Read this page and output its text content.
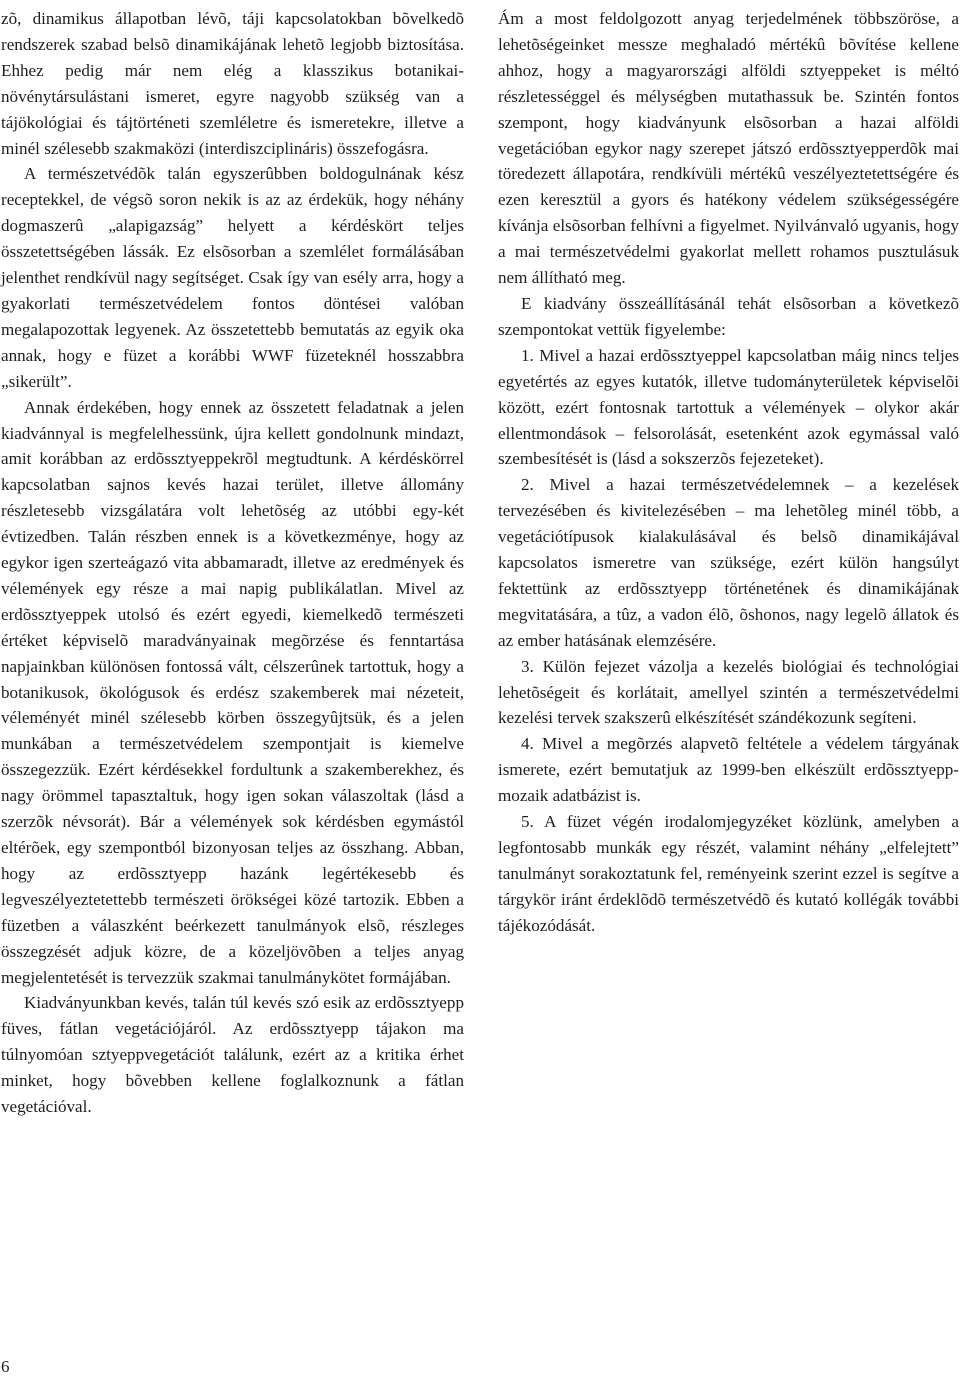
zõ, dinamikus állapotban lévõ, táji kapcsolatokban bõvelkedõ rendszerek szabad belsõ dinamikájának lehetõ legjobb biztosítása. Ehhez pedig már nem elég a klasszikus botanikai-növénytársulástani ismeret, egyre nagyobb szükség van a tájökológiai és tájtörténeti szemléletre és ismeretekre, illetve a minél szélesebb szakmaközi (interdiszciplináris) összefogásra.

A természetvédõk talán egyszerûbben boldogulnának kész receptekkel, de végsõ soron nekik is az az érdekük, hogy néhány dogmaszerû „alapigazság” helyett a kérdéskört teljes összetettségében lássák. Ez elsõsorban a szemlélet formálásában jelenthet rendkívül nagy segítséget. Csak így van esély arra, hogy a gyakorlati természetvédelem fontos döntései valóban megalapozottak legyenek. Az összetettebb bemutatás az egyik oka annak, hogy e füzet a korábbi WWF füzeteknél hosszabbra „sikerült”.

Annak érdekében, hogy ennek az összetett feladatnak a jelen kiadvánnyal is megfelelhessünk, újra kellett gondolnunk mindazt, amit korábban az erdõssztyeppekrõl megtudtunk. A kérdéskörrel kapcsolatban sajnos kevés hazai terület, illetve állomány részletesebb vizsgálatára volt lehetõség az utóbbi egy-két évtizedben. Talán részben ennek is a következménye, hogy az egykor igen szerteágazó vita abbamaradt, illetve az eredmények és vélemények egy része a mai napig publikálatlan. Mivel az erdõssztyeppek utolsó és ezért egyedi, kiemelkedõ természeti értéket képviselõ maradványainak megõrzése és fenntartása napjainkban különösen fontossá vált, célszerûnek tartottuk, hogy a botanikusok, ökológusok és erdész szakemberek mai nézeteit, véleményét minél szélesebb körben összegyûjtsük, és a jelen munkában a természetvédelem szempontjait is kiemelve összegezzük. Ezért kérdésekkel fordultunk a szakemberekhez, és nagy örömmel tapasztaltuk, hogy igen sokan válaszoltak (lásd a szerzõk névsorát). Bár a vélemények sok kérdésben egymástól eltérõek, egy szempontból bizonyosan teljes az összhang. Abban, hogy az erdõssztyepp hazánk legértékesebb és legveszélyeztetettebb természeti örökségei közé tartozik. Ebben a füzetben a válaszként beérkezett tanulmányok elsõ, részleges összegzését adjuk közre, de a közeljövõben a teljes anyag megjelentetését is tervezzük szakmai tanulmánykötet formájában.

Kiadványunkban kevés, talán túl kevés szó esik az erdõssztyepp füves, fátlan vegetációjáról. Az erdõssztyepp tájakon ma túlnyomóan sztyeppvegetációt találunk, ezért az a kritika érhet minket, hogy bõvebben kellene foglalkoznunk a fátlan vegetációval.

Ám a most feldolgozott anyag terjedelmének többszöröse, a lehetõségeinket messze meghaladó mértékû bõvítése kellene ahhoz, hogy a magyarországi alföldi sztyeppeket is méltó részletességgel és mélységben mutathassuk be. Szintén fontos szempont, hogy kiadványunk elsõsorban a hazai alföldi vegetációban egykor nagy szerepet játszó erdõssztyepperdõk mai töredezett állapotára, rendkívüli mértékû veszélyeztetettségére és ezen keresztül a gyors és hatékony védelem szükségességére kívánja elsõsorban felhívni a figyelmet. Nyilvánvaló ugyanis, hogy a mai természetvédelmi gyakorlat mellett rohamos pusztulásuk nem állítható meg.

E kiadvány összeállításánál tehát elsõsorban a következõ szempontokat vettük figyelembe:

1. Mivel a hazai erdõssztyeppel kapcsolatban máig nincs teljes egyetértés az egyes kutatók, illetve tudományterületek képviselõi között, ezért fontosnak tartottuk a vélemények – olykor akár ellentmondások – felsorolását, esetenként azok egymással való szembesítését is (lásd a sokszerzõs fejezeteket).

2. Mivel a hazai természetvédelemnek – a kezelések tervezésében és kivitelezésében – ma lehetõleg minél több, a vegetációtípusok kialakulásával és belsõ dinamikájával kapcsolatos ismeretre van szüksége, ezért külön hangsúlyt fektettünk az erdõssztyepp történetének és dinamikájának megvitatására, a tûz, a vadon élõ, õshonos, nagy legelõ állatok és az ember hatásának elemzésére.

3. Külön fejezet vázolja a kezelés biológiai és technológiai lehetõségeit és korlátait, amellyel szintén a természetvédelmi kezelési tervek szakszerû elkészítését szándékozunk segíteni.

4. Mivel a megõrzés alapvetõ feltétele a védelem tárgyának ismerete, ezért bemutatjuk az 1999-ben elkészült erdõssztyepp-mozaik adatbázist is.

5. A füzet végén irodalomjegyzéket közlünk, amelyben a legfontosabb munkák egy részét, valamint néhány „elfelejtett” tanulmányt sorakoztatunk fel, reményeink szerint ezzel is segítve a tárgykör iránt érdeklõdõ természetvédõ és kutató kollégák további tájékozódását.

6
